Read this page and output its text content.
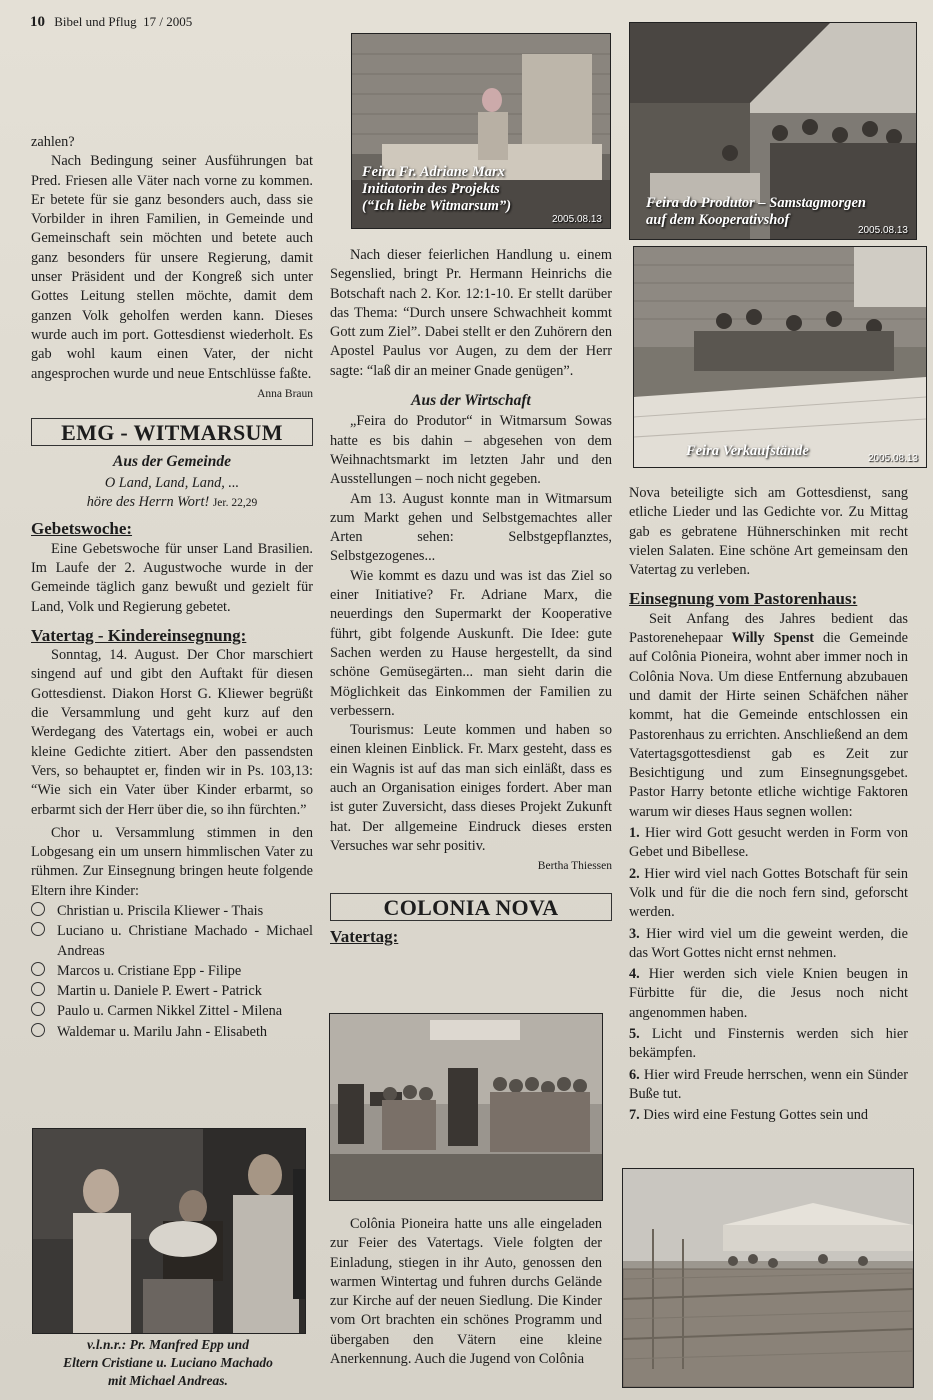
10 Bibel und Pflug 17 / 2005

zahlen?

Nach Bedingung seiner Ausführungen bat Pred. Friesen alle Väter nach vorne zu kommen. Er betete für sie ganz besonders auch, dass sie Vorbilder in ihren Familien, in Gemeinde und Gemeinschaft sein möchten und betete auch ganz besonders für unsere Regierung, damit unser Präsident und der Kongreß sich unter Gottes Leitung stellen möchte, damit dem ganzen Volk geholfen werden kann. Dieses wurde auch im port. Gottesdienst wiederholt. Es gab wohl kaum einen Vater, der nicht angesprochen wurde und neue Entschlüsse faßte.

Anna Braun
EMG - WITMARSUM
Aus der Gemeinde
O Land, Land, Land, ...
höre des Herrn Wort! Jer. 22,29
Gebetswoche:

Eine Gebetswoche für unser Land Brasilien. Im Laufe der 2. Augustwoche wurde in der Gemeinde täglich ganz bewußt und gezielt für Land, Volk und Regierung gebetet.

Vatertag - Kindereinsegnung:

Sonntag, 14. August. Der Chor marschiert singend auf und gibt den Auftakt für diesen Gottesdienst. Diakon Horst G. Kliewer begrüßt die Versammlung und geht kurz auf den Werdegang des Vatertags ein, wobei er auch kleine Gedichte zitiert. Aber den passendsten Vers, so behauptet er, finden wir in Ps. 103,13: “Wie sich ein Vater über Kinder erbarmt, so erbarmt sich der Herr über die, so ihn fürchten.”

Chor u. Versammlung stimmen in den Lobgesang ein um unsern himmlischen Vater zu rühmen. Zur Einsegnung bringen heute folgende Eltern ihre Kinder:

Christian u. Priscila Kliewer - Thais
Luciano u. Christiane Machado - Michael Andreas
Marcos u. Cristiane Epp - Filipe
Martin u. Daniele P. Ewert - Patrick
Paulo u. Carmen Nikkel Zittel - Milena
Waldemar u. Marilu Jahn - Elisabeth
v.l.n.r.: Pr. Manfred Epp und
Eltern Cristiane u. Luciano Machado
mit Michael Andreas.
Feira Fr. Adriane Marx
Initiatorin des Projekts
(“Ich liebe Witmarsum”)
2005.08.13

Nach dieser feierlichen Handlung u. einem Segenslied, bringt Pr. Hermann Heinrichs die Botschaft nach 2. Kor. 12:1-10. Er stellt darüber das Thema: “Durch unsere Schwachheit kommt Gott zum Ziel”. Dabei stellt er den Zuhörern den Apostel Paulus vor Augen, zu dem der Herr sagte: “laß dir an meiner Gnade genügen”.

Aus der Wirtschaft

„Feira do Produtor“ in Witmarsum Sowas hatte es bis dahin – abgesehen von dem Weihnachtsmarkt im letzten Jahr und den Ausstellungen – noch nicht gegeben.

Am 13. August konnte man in Witmarsum zum Markt gehen und Selbstgemachtes aller Arten sehen: Selbstgepflanztes, Selbstgezogenes...

Wie kommt es dazu und was ist das Ziel so einer Initiative? Fr. Adriane Marx, die neuerdings den Supermarkt der Kooperative führt, gibt folgende Auskunft. Die Idee: gute Sachen werden zu Hause hergestellt, da sind schöne Gemüsegärten... man sieht darin die Möglichkeit das Einkommen der Familien zu verbessern.

Tourismus: Leute kommen und haben so einen kleinen Einblick. Fr. Marx gesteht, dass es ein Wagnis ist auf das man sich einläßt, dass es auch an Organisation einiges fordert. Aber man ist guter Zuversicht, dass dieses Projekt Zukunft hat. Der allgemeine Eindruck dieses ersten Versuches war sehr positiv.

Bertha Thiessen
COLONIA NOVA
Vatertag:

Colônia Pioneira hatte uns alle eingeladen zur Feier des Vatertags. Viele folgten der Einladung, stiegen in ihr Auto, genossen den warmen Wintertag und fuhren durchs Gelände zur Kirche auf der neuen Siedlung. Die Kinder vom Ort brachten ein schönes Programm und übergaben den Vätern eine kleine Anerkennung. Auch die Jugend von Colônia

Feira do Produtor – Samstagmorgen
auf dem Kooperativshof
2005.08.13
Feira Verkaufstände	2005.08.13

Nova beteiligte sich am Gottesdienst, sang etliche Lieder und las Gedichte vor. Zu Mittag gab es gebratene Hühnerschinken mit recht vielen Salaten. Eine schöne Art gemeinsam den Vatertag zu verleben.

Einsegnung vom Pastorenhaus:

Seit Anfang des Jahres bedient das Pastorenehepaar Willy Spenst die Gemeinde auf Colônia Pioneira, wohnt aber immer noch in Colônia Nova. Um diese Entfernung abzubauen und damit der Hirte seinen Schäfchen näher kommt, hat die Gemeinde entschlossen ein Pastorenhaus zu errichten. Anschließend an dem Vatertagsgottesdienst gab es Zeit zur Besichtigung und zum Einsegnungsgebet. Pastor Harry betonte etliche wichtige Faktoren warum wir dieses Haus segnen wollen:

1. Hier wird Gott gesucht werden in Form von Gebet und Bibellese.

2. Hier wird viel nach Gottes Botschaft für sein Volk und für die die noch fern sind, geforscht werden.

3. Hier wird viel um die geweint werden, die das Wort Gottes nicht ernst nehmen.

4. Hier werden sich viele Knien beugen in Fürbitte für die, die Jesus noch nicht angenommen haben.

5. Licht und Finsternis werden sich hier bekämpfen.

6. Hier wird Freude herrschen, wenn ein Sünder Buße tut.

7. Dies wird eine Festung Gottes sein und
